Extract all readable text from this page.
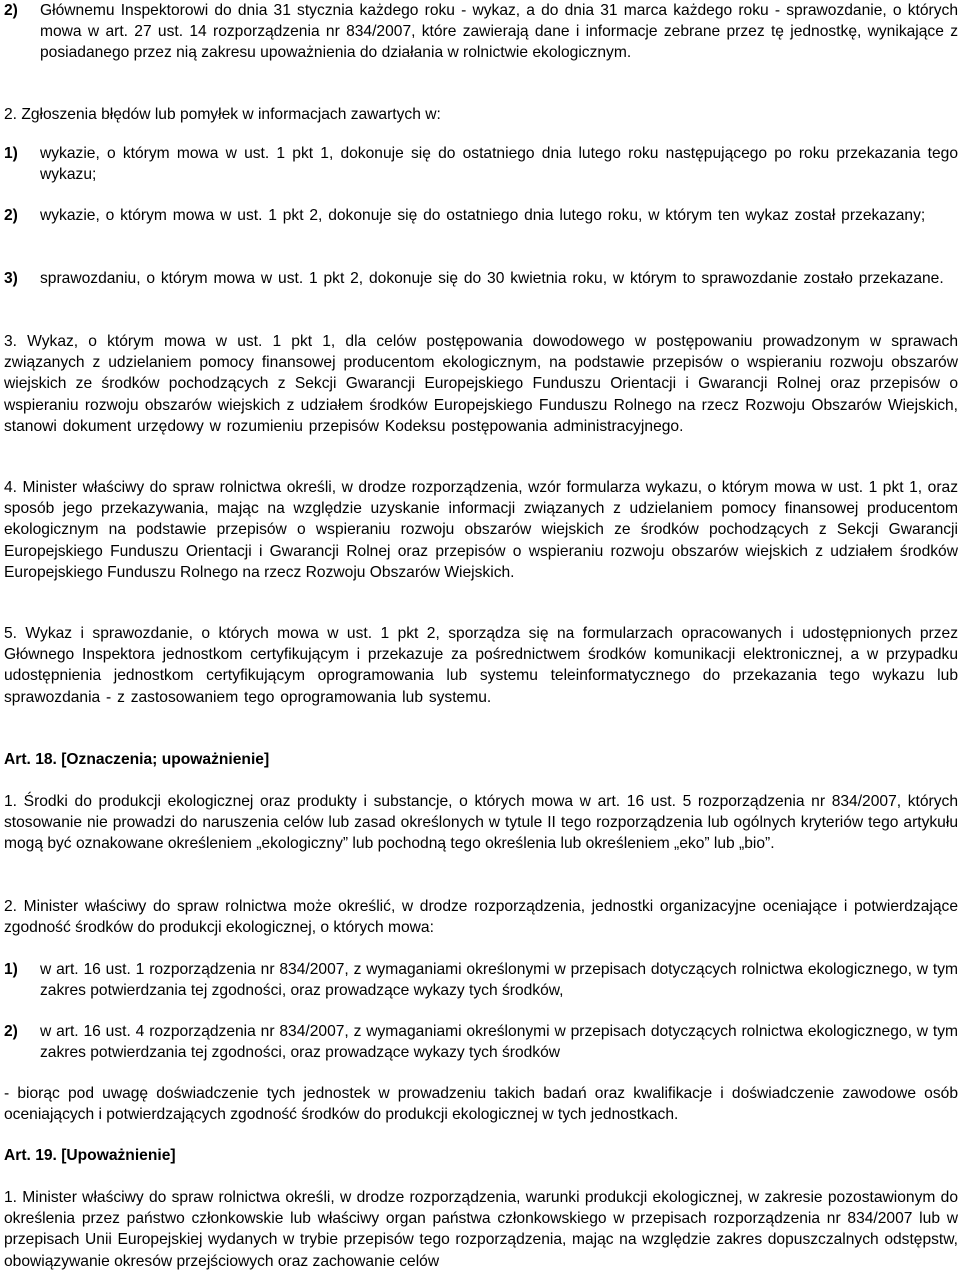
2) Głównemu Inspektorowi do dnia 31 stycznia każdego roku - wykaz, a do dnia 31 marca każdego roku - sprawozdanie, o których mowa w art. 27 ust. 14 rozporządzenia nr 834/2007, które zawierają dane i informacje zebrane przez tę jednostkę, wynikające z posiadanego przez nią zakresu upoważnienia do działania w rolnictwie ekologicznym.

2. Zgłoszenia błędów lub pomyłek w informacjach zawartych w:

1) wykazie, o którym mowa w ust. 1 pkt 1, dokonuje się do ostatniego dnia lutego roku następującego po roku przekazania tego wykazu;

2) wykazie, o którym mowa w ust. 1 pkt 2, dokonuje się do ostatniego dnia lutego roku, w którym ten wykaz został przekazany;

3) sprawozdaniu, o którym mowa w ust. 1 pkt 2, dokonuje się do 30 kwietnia roku, w którym to sprawozdanie zostało przekazane.

3. Wykaz, o którym mowa w ust. 1 pkt 1, dla celów postępowania dowodowego w postępowaniu prowadzonym w sprawach związanych z udzielaniem pomocy finansowej producentom ekologicznym, na podstawie przepisów o wspieraniu rozwoju obszarów wiejskich ze środków pochodzących z Sekcji Gwarancji Europejskiego Funduszu Orientacji i Gwarancji Rolnej oraz przepisów o wspieraniu rozwoju obszarów wiejskich z udziałem środków Europejskiego Funduszu Rolnego na rzecz Rozwoju Obszarów Wiejskich, stanowi dokument urzędowy w rozumieniu przepisów Kodeksu postępowania administracyjnego.

4. Minister właściwy do spraw rolnictwa określi, w drodze rozporządzenia, wzór formularza wykazu, o którym mowa w ust. 1 pkt 1, oraz sposób jego przekazywania, mając na względzie uzyskanie informacji związanych z udzielaniem pomocy finansowej producentom ekologicznym na podstawie przepisów o wspieraniu rozwoju obszarów wiejskich ze środków pochodzących z Sekcji Gwarancji Europejskiego Funduszu Orientacji i Gwarancji Rolnej oraz przepisów o wspieraniu rozwoju obszarów wiejskich z udziałem środków Europejskiego Funduszu Rolnego na rzecz Rozwoju Obszarów Wiejskich.

5. Wykaz i sprawozdanie, o których mowa w ust. 1 pkt 2, sporządza się na formularzach opracowanych i udostępnionych przez Głównego Inspektora jednostkom certyfikującym i przekazuje za pośrednictwem środków komunikacji elektronicznej, a w przypadku udostępnienia jednostkom certyfikującym oprogramowania lub systemu teleinformatycznego do przekazania tego wykazu lub sprawozdania - z zastosowaniem tego oprogramowania lub systemu.

Art. 18. [Oznaczenia; upoważnienie]

1. Środki do produkcji ekologicznej oraz produkty i substancje, o których mowa w art. 16 ust. 5 rozporządzenia nr 834/2007, których stosowanie nie prowadzi do naruszenia celów lub zasad określonych w tytule II tego rozporządzenia lub ogólnych kryteriów tego artykułu mogą być oznakowane określeniem „ekologiczny” lub pochodną tego określenia lub określeniem „eko” lub „bio”.

2. Minister właściwy do spraw rolnictwa może określić, w drodze rozporządzenia, jednostki organizacyjne oceniające i potwierdzające zgodność środków do produkcji ekologicznej, o których mowa:

1) w art. 16 ust. 1 rozporządzenia nr 834/2007, z wymaganiami określonymi w przepisach dotyczących rolnictwa ekologicznego, w tym zakres potwierdzania tej zgodności, oraz prowadzące wykazy tych środków,

2) w art. 16 ust. 4 rozporządzenia nr 834/2007, z wymaganiami określonymi w przepisach dotyczących rolnictwa ekologicznego, w tym zakres potwierdzania tej zgodności, oraz prowadzące wykazy tych środków

- biorąc pod uwagę doświadczenie tych jednostek w prowadzeniu takich badań oraz kwalifikacje i doświadczenie zawodowe osób oceniających i potwierdzających zgodność środków do produkcji ekologicznej w tych jednostkach.

Art. 19. [Upoważnienie]

1. Minister właściwy do spraw rolnictwa określi, w drodze rozporządzenia, warunki produkcji ekologicznej, w zakresie pozostawionym do określenia przez państwo członkowskie lub właściwy organ państwa członkowskiego w przepisach rozporządzenia nr 834/2007 lub w przepisach Unii Europejskiej wydanych w trybie przepisów tego rozporządzenia, mając na względzie zakres dopuszczalnych odstępstw, obowiązywanie okresów przejściowych oraz zachowanie celów
